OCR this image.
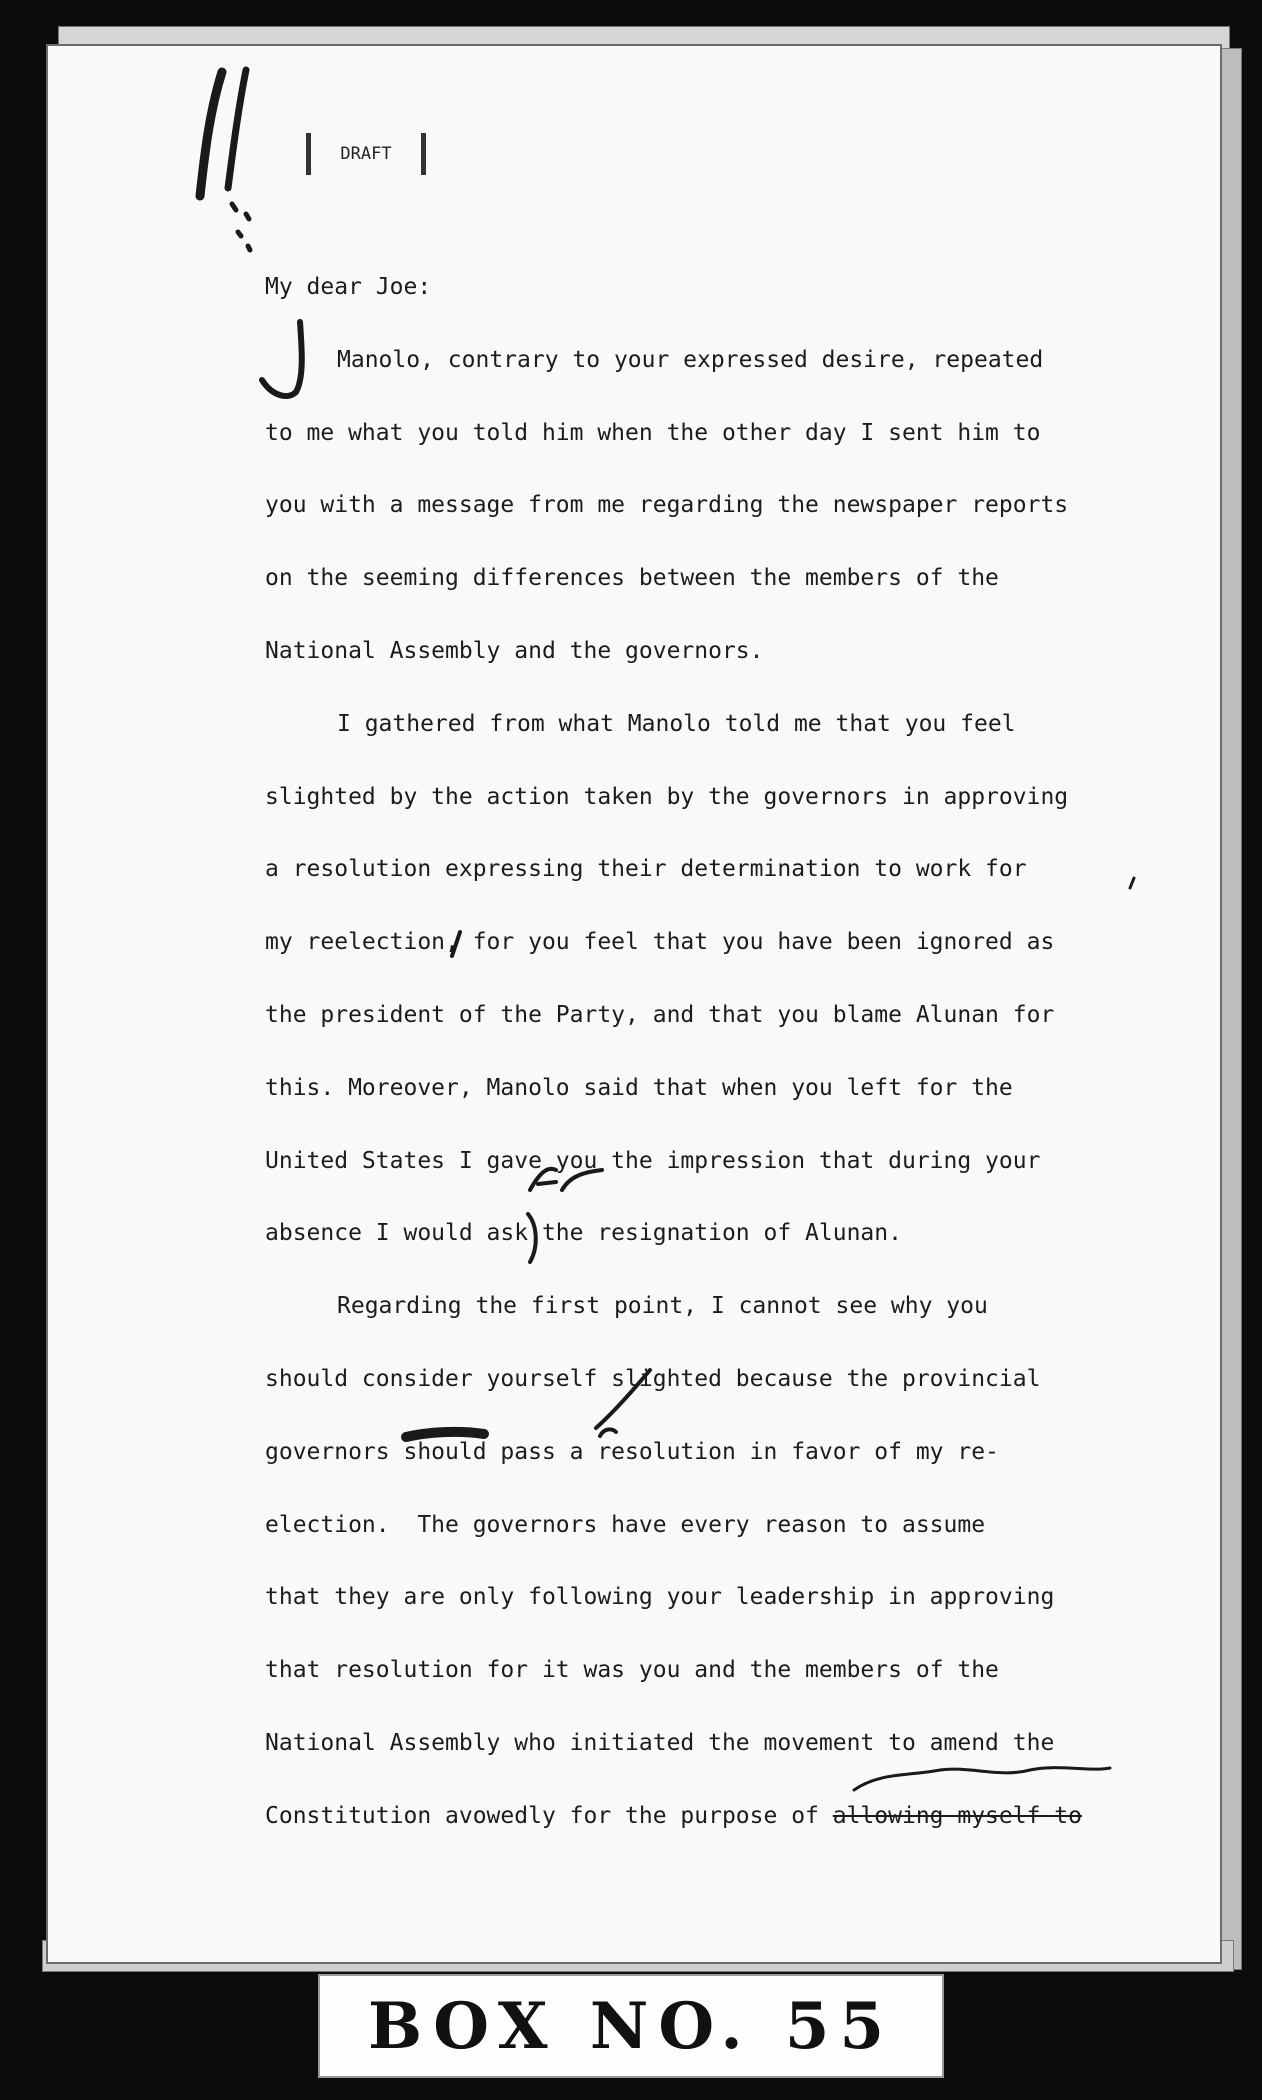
DRAFT
My dear Joe:
Manolo, contrary to your expressed desire, repeated
to me what you told him when the other day I sent him to
you with a message from me regarding the newspaper reports
on the seeming differences between the members of the
National Assembly and the governors.
I gathered from what Manolo told me that you feel
slighted by the action taken by the governors in approving
a resolution expressing their determination to work for
my reelection, for you feel that you have been ignored as
the president of the Party, and that you blame Alunan for
this. Moreover, Manolo said that when you left for the
United States I gave you the impression that during your
absence I would ask the resignation of Alunan.
Regarding the first point, I cannot see why you
should consider yourself slighted because the provincial
governors should pass a resolution in favor of my re-
election.  The governors have every reason to assume
that they are only following your leadership in approving
that resolution for it was you and the members of the
National Assembly who initiated the movement to amend the
Constitution avowedly for the purpose of allowing myself to
BOX NO. 55
